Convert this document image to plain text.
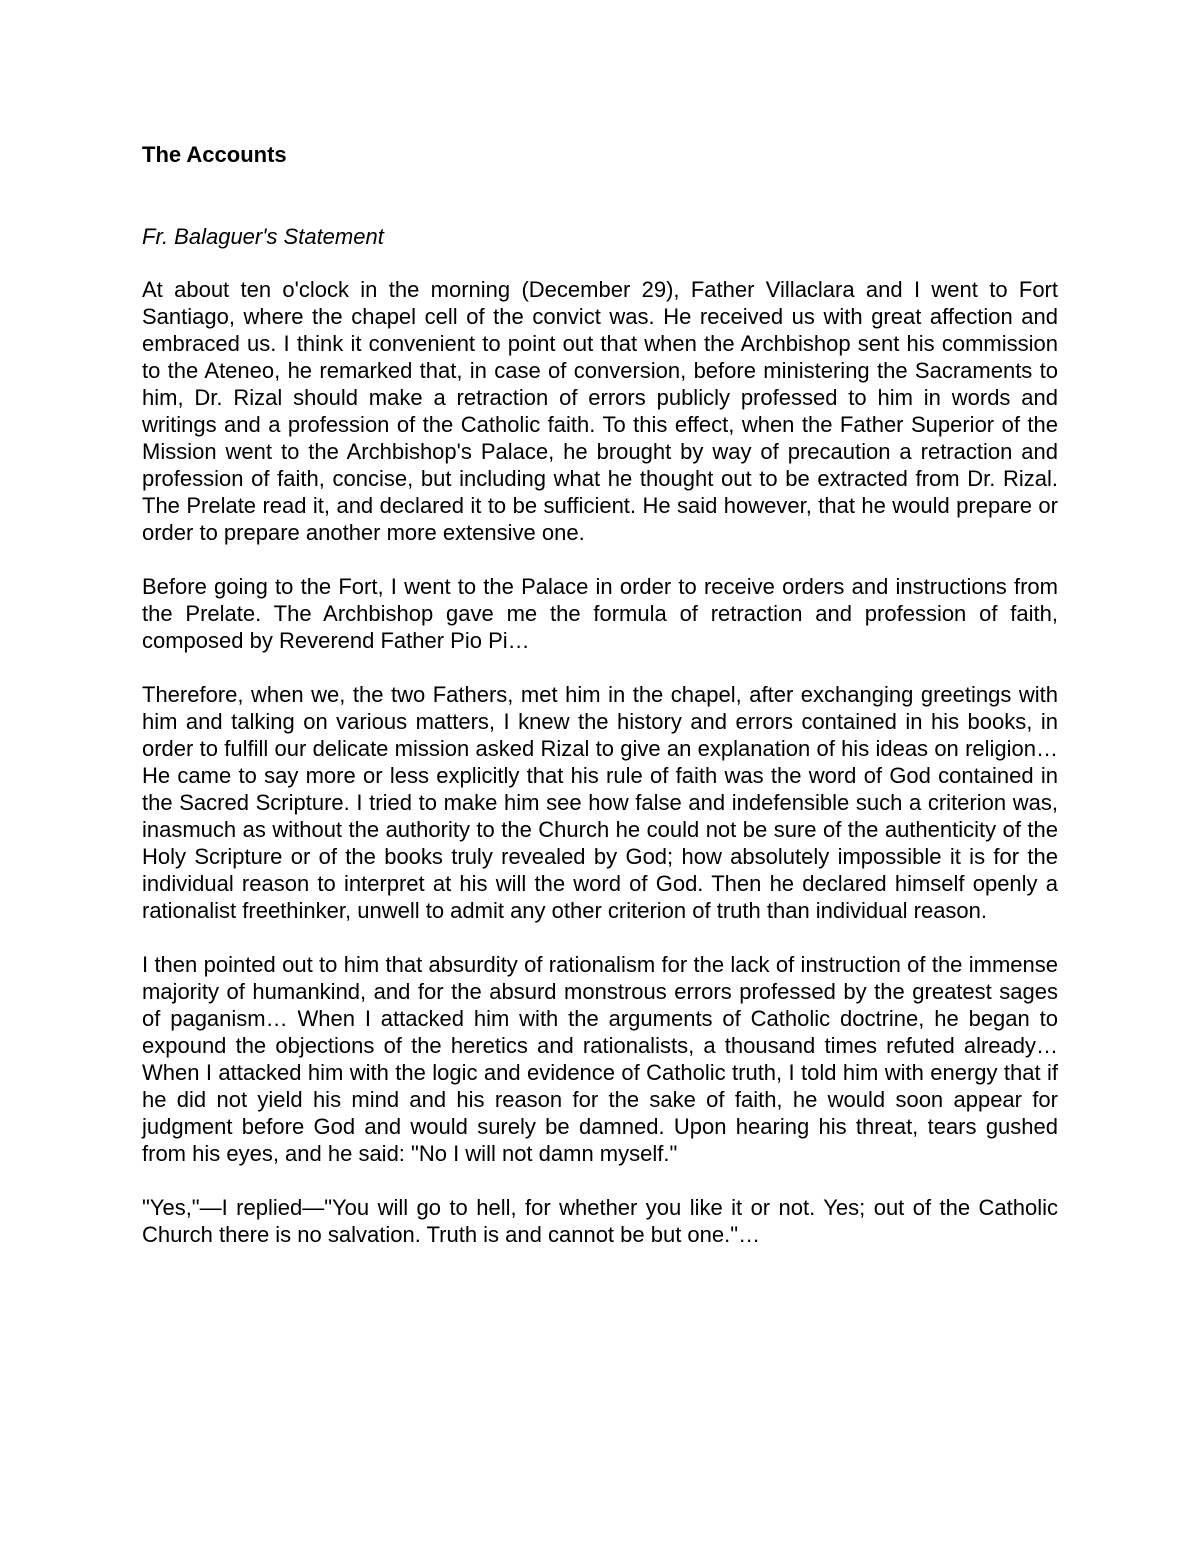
The Accounts
Fr. Balaguer's Statement

At about ten o'clock in the morning (December 29), Father Villaclara and I went to Fort Santiago, where the chapel cell of the convict was. He received us with great affection and embraced us. I think it convenient to point out that when the Archbishop sent his commission to the Ateneo, he remarked that, in case of conversion, before ministering the Sacraments to him, Dr. Rizal should make a retraction of errors publicly professed to him in words and writings and a profession of the Catholic faith. To this effect, when the Father Superior of the Mission went to the Archbishop's Palace, he brought by way of precaution a retraction and profession of faith, concise, but including what he thought out to be extracted from Dr. Rizal. The Prelate read it, and declared it to be sufficient. He said however, that he would prepare or order to prepare another more extensive one.

Before going to the Fort, I went to the Palace in order to receive orders and instructions from the Prelate. The Archbishop gave me the formula of retraction and profession of faith, composed by Reverend Father Pio Pi…

Therefore, when we, the two Fathers, met him in the chapel, after exchanging greetings with him and talking on various matters, I knew the history and errors contained in his books, in order to fulfill our delicate mission asked Rizal to give an explanation of his ideas on religion… He came to say more or less explicitly that his rule of faith was the word of God contained in the Sacred Scripture. I tried to make him see how false and indefensible such a criterion was, inasmuch as without the authority to the Church he could not be sure of the authenticity of the Holy Scripture or of the books truly revealed by God; how absolutely impossible it is for the individual reason to interpret at his will the word of God. Then he declared himself openly a rationalist freethinker, unwell to admit any other criterion of truth than individual reason.

I then pointed out to him that absurdity of rationalism for the lack of instruction of the immense majority of humankind, and for the absurd monstrous errors professed by the greatest sages of paganism… When I attacked him with the arguments of Catholic doctrine, he began to expound the objections of the heretics and rationalists, a thousand times refuted already… When I attacked him with the logic and evidence of Catholic truth, I told him with energy that if he did not yield his mind and his reason for the sake of faith, he would soon appear for judgment before God and would surely be damned. Upon hearing his threat, tears gushed from his eyes, and he said: "No I will not damn myself."

"Yes,"—I replied—"You will go to hell, for whether you like it or not. Yes; out of the Catholic Church there is no salvation. Truth is and cannot be but one."…
